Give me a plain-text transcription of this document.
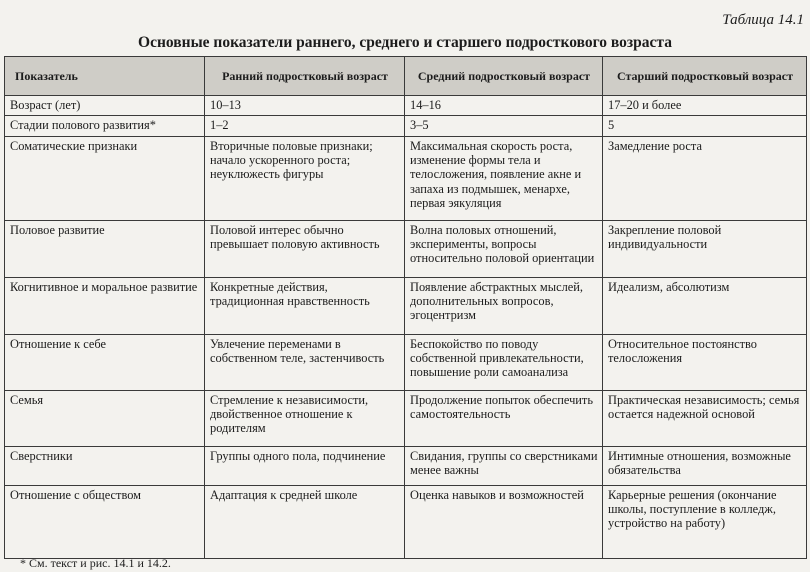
Таблица 14.1
Основные показатели раннего, среднего и старшего подросткового возраста
Показатель	Ранний подростковый возраст	Средний подростковый возраст	Старший подростковый возраст
Возраст (лет)	10–13	14–16	17–20 и более
Стадии полового развития*	1–2	3–5	5
Соматические признаки	Вторичные половые признаки; начало ускоренного роста; неуклюжесть фигуры	Максимальная скорость роста, изменение формы тела и телосложения, появление акне и запаха из подмышек, менархе, первая эякуляция	Замедление роста
Половое развитие	Половой интерес обычно превышает половую активность	Волна половых отношений, эксперименты, вопросы относительно половой ориентации	Закрепление половой индивидуальности
Когнитивное и моральное развитие	Конкретные действия, традиционная нравственность	Появление абстрактных мыслей, дополнительных вопросов, эгоцентризм	Идеализм, абсолютизм
Отношение к себе	Увлечение переменами в собственном теле, застенчивость	Беспокойство по поводу собственной привлекательности, повышение роли самоанализа	Относительное постоянство телосложения
Семья	Стремление к независимости, двойственное отношение к родителям	Продолжение попыток обеспечить самостоятельность	Практическая независимость; семья остается надежной основой
Сверстники	Группы одного пола, подчинение	Свидания, группы со сверстниками менее важны	Интимные отношения, возможные обязательства
Отношение с обществом	Адаптация к средней школе	Оценка навыков и возможностей	Карьерные решения (окончание школы, поступление в колледж, устройство на работу)
* См. текст и рис. 14.1 и 14.2.
